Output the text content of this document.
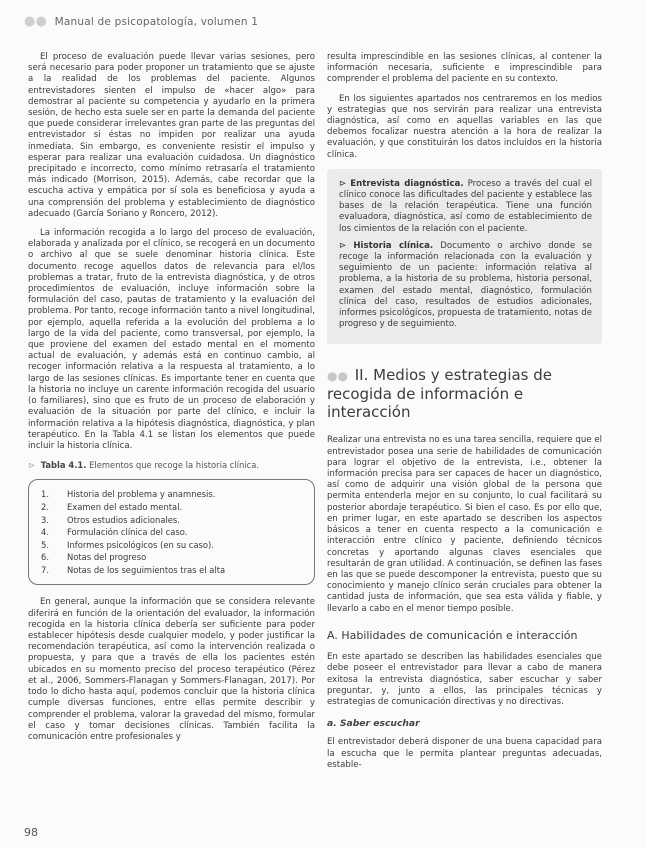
●● Manual de psicopatología, volumen 1

El proceso de evaluación puede llevar varias sesiones, pero será necesario para poder proponer un tratamiento que se ajuste a la realidad de los problemas del paciente. Algunos entrevistadores sienten el impulso de «hacer algo» para demostrar al paciente su competencia y ayudarlo en la primera sesión, de hecho esta suele ser en parte la demanda del paciente que puede considerar irrelevantes gran parte de las preguntas del entrevistador si éstas no impiden por realizar una ayuda inmediata. Sin embargo, es conveniente resistir el impulso y esperar para realizar una evaluación cuidadosa. Un diagnóstico precipitado e incorrecto, como mínimo retrasaría el tratamiento más indicado (Morrison, 2015). Además, cabe recordar que la escucha activa y empática por sí sola es beneficiosa y ayuda a una comprensión del problema y establecimiento de diagnóstico adecuado (García Soriano y Roncero, 2012).

La información recogida a lo largo del proceso de evaluación, elaborada y analizada por el clínico, se recogerá en un documento o archivo al que se suele denominar historia clínica. Este documento recoge aquellos datos de relevancia para el/los problemas a tratar, fruto de la entrevista diagnóstica, y de otros procedimientos de evaluación, incluye información sobre la formulación del caso, pautas de tratamiento y la evaluación del problema. Por tanto, recoge información tanto a nivel longitudinal, por ejemplo, aquella referida a la evolución del problema a lo largo de la vida del paciente, como transversal, por ejemplo, la que proviene del examen del estado mental en el momento actual de evaluación, y además está en continuo cambio, al recoger información relativa a la respuesta al tratamiento, a lo largo de las sesiones clínicas. Es importante tener en cuenta que la historia no incluye un carente información recogida del usuario (o familiares), sino que es fruto de un proceso de elaboración y evaluación de la situación por parte del clínico, e incluir la información relativa a la hipótesis diagnóstica, diagnóstica, y plan terapéutico. En la Tabla 4.1 se listan los elementos que puede incluir la historia clínica.

⊳ Tabla 4.1. Elementos que recoge la historia clínica.
1.	Historia del problema y anamnesis.
2.	Examen del estado mental.
3.	Otros estudios adicionales.
4.	Formulación clínica del caso.
5.	Informes psicológicos (en su caso).
6.	Notas del progreso
7.	Notas de los seguimientos tras el alta

En general, aunque la información que se considera relevante diferirá en función de la orientación del evaluador, la información recogida en la historia clínica debería ser suficiente para poder establecer hipótesis desde cualquier modelo, y poder justificar la recomendación terapéutica, así como la intervención realizada o propuesta, y para que a través de ella los pacientes estén ubicados en su momento preciso del proceso terapéutico (Pérez et al., 2006, Sommers-Flanagan y Sommers-Flanagan, 2017). Por todo lo dicho hasta aquí, podemos concluir que la historia clínica cumple diversas funciones, entre ellas permite describir y comprender el problema, valorar la gravedad del mismo, formular el caso y tomar decisiones clínicas. También facilita la comunicación entre profesionales y

resulta imprescindible en las sesiones clínicas, al contener la información necesaria, suficiente e imprescindible para comprender el problema del paciente en su contexto.

En los siguientes apartados nos centraremos en los medios y estrategias que nos servirán para realizar una entrevista diagnóstica, así como en aquellas variables en las que debemos focalizar nuestra atención a la hora de realizar la evaluación, y que constituirán los datos incluidos en la historia clínica.

⊳ Entrevista diagnóstica. Proceso a través del cual el clínico conoce las dificultades del paciente y establece las bases de la relación terapéutica. Tiene una función evaluadora, diagnóstica, así como de establecimiento de los cimientos de la relación con el paciente.

⊳ Historia clínica. Documento o archivo donde se recoge la información relacionada con la evaluación y seguimiento de un paciente: información relativa al problema, a la historia de su problema, historia personal, examen del estado mental, diagnóstico, formulación clínica del caso, resultados de estudios adicionales, informes psicológicos, propuesta de tratamiento, notas de progreso y de seguimiento.

●● II. Medios y estrategias de recogida de información e interacción

Realizar una entrevista no es una tarea sencilla, requiere que el entrevistador posea una serie de habilidades de comunicación para lograr el objetivo de la entrevista, i.e., obtener la información precisa para ser capaces de hacer un diagnóstico, así como de adquirir una visión global de la persona que permita entenderla mejor en su conjunto, lo cual facilitará su posterior abordaje terapéutico. Si bien el caso. Es por ello que, en primer lugar, en este apartado se describen los aspectos básicos a tener en cuenta respecto a la comunicación e interacción entre clínico y paciente, definiendo técnicos concretas y aportando algunas claves esenciales que resultarán de gran utilidad. A continuación, se definen las fases en las que se puede descomponer la entrevista, puesto que su conocimiento y manejo clínico serán cruciales para obtener la cantidad justa de información, que sea esta válida y fiable, y llevarlo a cabo en el menor tiempo posible.

A. Habilidades de comunicación e interacción

En este apartado se describen las habilidades esenciales que debe poseer el entrevistador para llevar a cabo de manera exitosa la entrevista diagnóstica, saber escuchar y saber preguntar, y, junto a ellos, las principales técnicas y estrategias de comunicación directivas y no directivas.

a. Saber escuchar

El entrevistador deberá disponer de una buena capacidad para la escucha que le permita plantear preguntas adecuadas, estable-

98
